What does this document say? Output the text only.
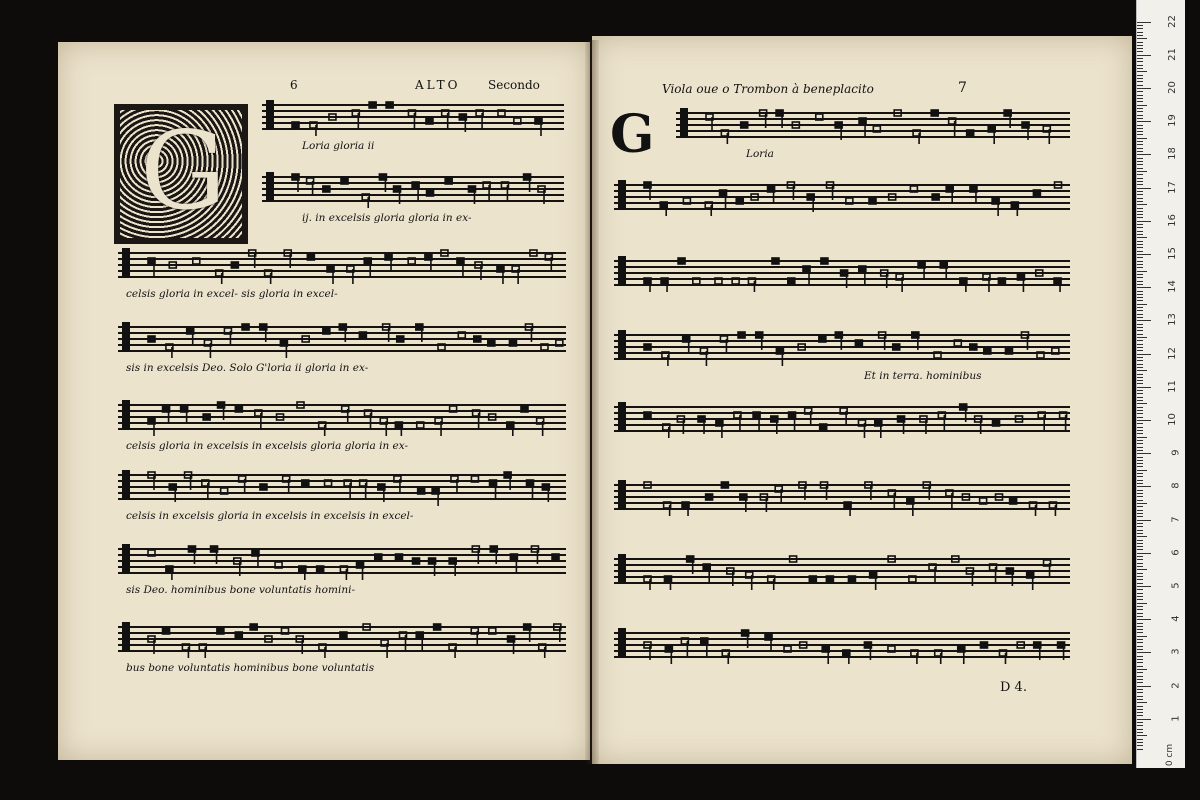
6	ALTO Secondo
G
Viola oue o Trombon à beneplacito	7
G
Loria gloria ii
ij. in excelsis gloria gloria in ex-
celsis gloria in excel- sis gloria in excel-
sis in excelsis Deo. Solo G'loria ii gloria in ex-
celsis gloria in excelsis in excelsis gloria gloria in ex-
celsis in excelsis gloria in excelsis in excelsis in excel-
sis Deo. hominibus bone voluntatis homini-
bus bone voluntatis hominibus bone voluntatis
Loria
Et in terra. hominibus
D 4.
0 cm
1
2
3
4
5
6
7
8
9
10
11
12
13
14
15
16
17
18
19
20
21
22
